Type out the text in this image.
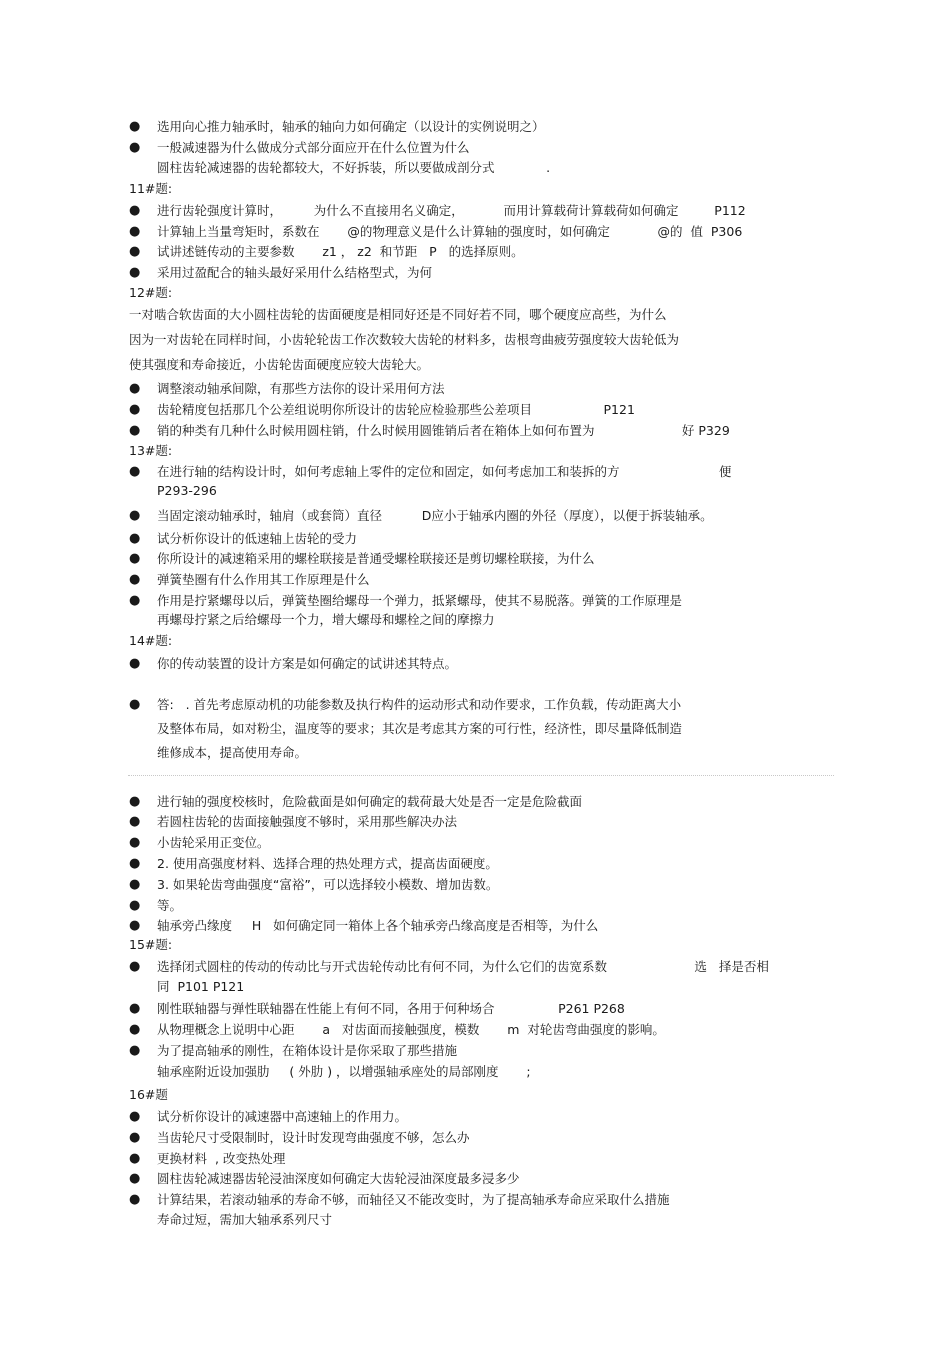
● 选用向心推力轴承时，轴承的轴向力如何确定（以设计的实例说明之）
● 一般减速器为什么做成分式部分面应开在什么位置为什么
圆柱齿轮减速器的齿轮都较大，不好拆装，所以要做成剖分式             .
11#题:
● 进行齿轮强度计算时，        为什么不直接用名义确定，          而用计算载荷计算载荷如何确定         P112
● 计算轴上当量弯矩时，系数在       @的物理意义是什么计算轴的强度时，如何确定            @的  值  P306
● 试讲述链传动的主要参数       z1 ， z2  和节距   P   的选择原则。
● 采用过盈配合的轴头最好采用什么结格型式，为何
12#题:
一对啮合软齿面的大小圆柱齿轮的齿面硬度是相同好还是不同好若不同，哪个硬度应高些，为什么
因为一对齿轮在同样时间，小齿轮轮齿工作次数较大齿轮的材料多，齿根弯曲疲劳强度较大齿轮低为
使其强度和寿命接近，小齿轮齿面硬度应较大齿轮大。
● 调整滚动轴承间隙，有那些方法你的设计采用何方法
● 齿轮精度包括那几个公差组说明你所设计的齿轮应检验那些公差项目                  P121
● 销的种类有几种什么时候用圆柱销，什么时候用圆锥销后者在箱体上如何布置为                      好 P329
13#题:
● 在进行轴的结构设计时，如何考虑轴上零件的定位和固定，如何考虑加工和装拆的方                         便
P293-296
● 当固定滚动轴承时，轴肩（或套筒）直径          D应小于轴承内圈的外径（厚度），以便于拆装轴承。
● 试分析你设计的低速轴上齿轮的受力
● 你所设计的减速箱采用的螺栓联接是普通受螺栓联接还是剪切螺栓联接，为什么
● 弹簧垫圈有什么作用其工作原理是什么
● 作用是拧紧螺母以后，弹簧垫圈给螺母一个弹力，抵紧螺母，使其不易脱落。弹簧的工作原理是
再螺母拧紧之后给螺母一个力，增大螺母和螺栓之间的摩擦力
14#题:
● 你的传动装置的设计方案是如何确定的试讲述其特点。
● 答:   . 首先考虑原动机的功能参数及执行构件的运动形式和动作要求，工作负载，传动距离大小
及整体布局，如对粉尘，温度等的要求；其次是考虑其方案的可行性，经济性，即尽量降低制造
维修成本，提高使用寿命。
● 进行轴的强度校核时，危险截面是如何确定的载荷最大处是否一定是危险截面
● 若圆柱齿轮的齿面接触强度不够时，采用那些解决办法
● 小齿轮采用正变位。
● 2. 使用高强度材料、选择合理的热处理方式，提高齿面硬度。
● 3. 如果轮齿弯曲强度“富裕”，可以选择较小模数、增加齿数。
● 等。
● 轴承旁凸缘度     H   如何确定同一箱体上各个轴承旁凸缘高度是否相等，为什么
15#题:
● 选择闭式圆柱的传动的传动比与开式齿轮传动比有何不同，为什么它们的齿宽系数                      选   择是否相
同  P101 P121
● 刚性联轴器与弹性联轴器在性能上有何不同，各用于何种场合                P261 P268
● 从物理概念上说明中心距       a   对齿面而接触强度，模数       m  对轮齿弯曲强度的影响。
● 为了提高轴承的刚性，在箱体设计是你采取了那些措施
轴承座附近设加强肋     ( 外肋 ) ，以增强轴承座处的局部刚度       ;
16#题
● 试分析你设计的减速器中高速轴上的作用力。
● 当齿轮尺寸受限制时，设计时发现弯曲强度不够，怎么办
● 更换材料  , 改变热处理
● 圆柱齿轮减速器齿轮浸油深度如何确定大齿轮浸油深度最多浸多少
● 计算结果，若滚动轴承的寿命不够，而轴径又不能改变时，为了提高轴承寿命应采取什么措施
寿命过短，需加大轴承系列尺寸
